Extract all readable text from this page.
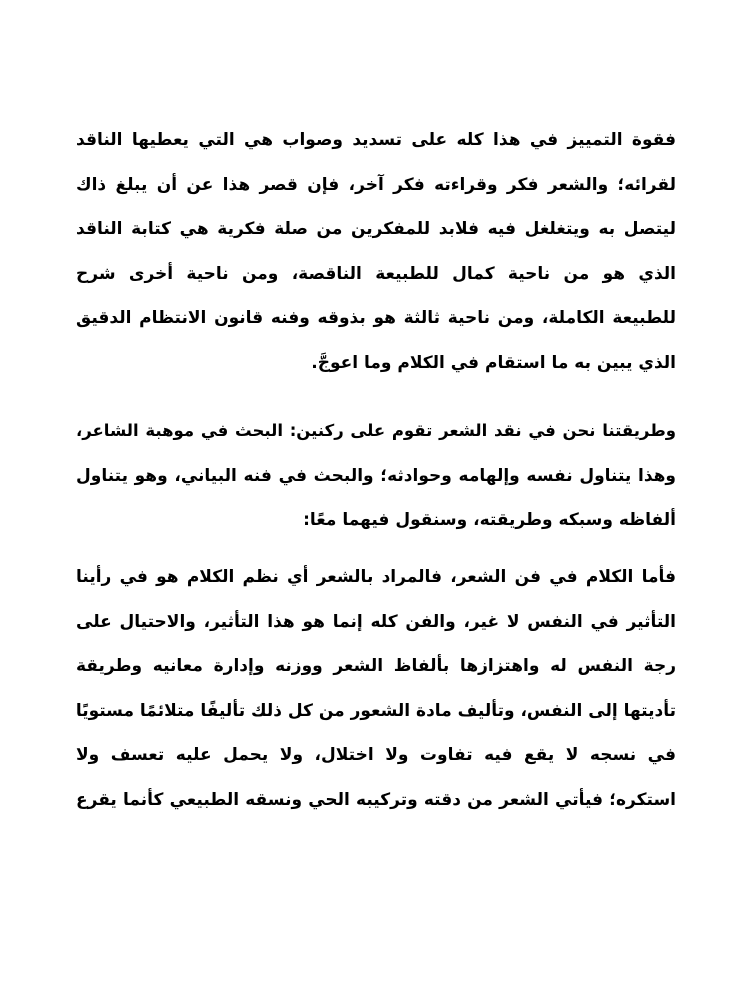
فقوة التمييز في هذا كله على تسديد وصواب هي التي يعطيها الناقد
لقرائه؛ والشعر فكر وقراءته فكر آخر، فإن قصر هذا عن أن يبلغ ذاك
ليتصل به ويتغلغل فيه فلابد للمفكرين من صلة فكرية هي كتابة الناقد
الذي هو من ناحية كمال للطبيعة الناقصة، ومن ناحية أخرى شرح
للطبيعة الكاملة، ومن ناحية ثالثة هو بذوقه وفنه قانون الانتظام الدقيق
الذي يبين به ما استقام في الكلام وما اعوجَّ.
وطريقتنا نحن في نقد الشعر تقوم على ركنين: البحث في موهبة الشاعر،
وهذا يتناول نفسه وإلهامه وحوادثه؛ والبحث في فنه البياني، وهو يتناول
ألفاظه وسبكه وطريقته، وسنقول فيهما معًا:
فأما الكلام في فن الشعر، فالمراد بالشعر أي نظم الكلام هو في رأينا
التأثير في النفس لا غير، والفن كله إنما هو هذا التأثير، والاحتيال على
رجة النفس له واهتزازها بألفاظ الشعر ووزنه وإدارة معانيه وطريقة
تأديتها إلى النفس، وتأليف مادة الشعور من كل ذلك تأليفًا متلائمًا مستويًا
في نسجه لا يقع فيه تفاوت ولا اختلال، ولا يحمل عليه تعسف ولا
استكره؛ فيأتي الشعر من دقته وتركيبه الحي ونسقه الطبيعي كأنما يقرع
